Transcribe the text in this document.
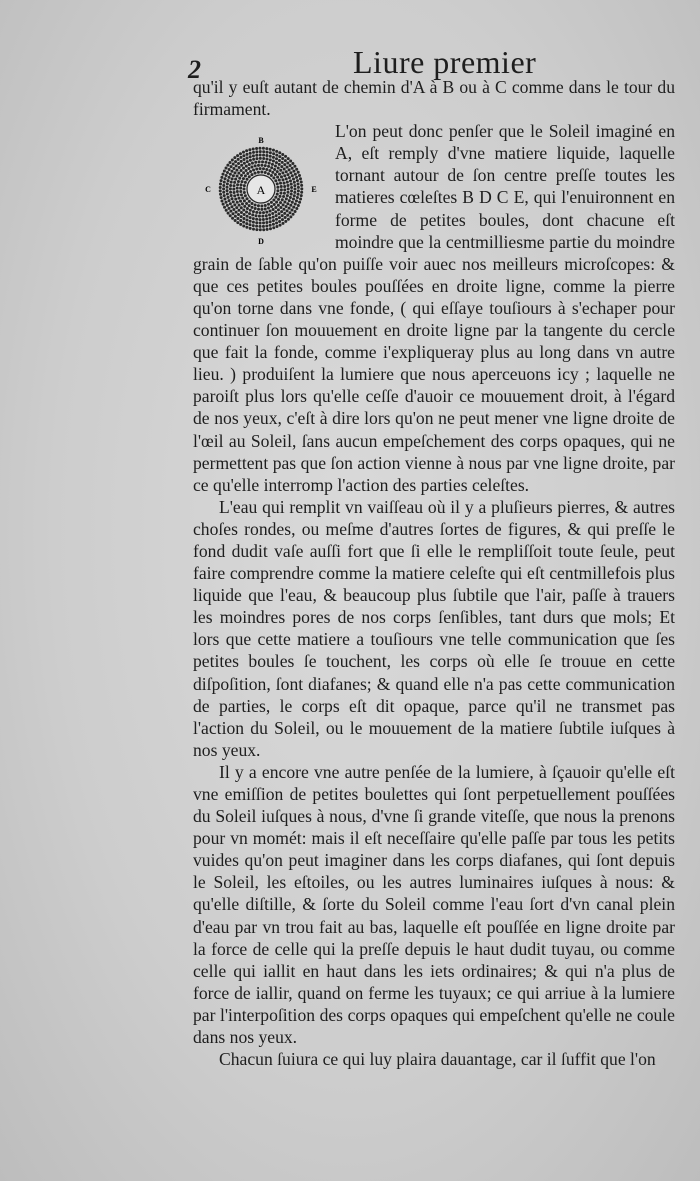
2	Liure premier
A
B
E
C
D

qu'il y euſt autant de chemin d'A à B ou à C comme dans le tour du firmament.

L'on peut donc penſer que le Soleil imaginé en A, eſt remply d'vne matiere liquide, laquelle tornant autour de ſon centre preſſe toutes les matieres cœleſtes B D C E, qui l'enuironnent en forme de petites boules, dont chacune eſt moindre que la centmilliesme partie du moindre grain de ſable qu'on puiſſe voir auec nos meilleurs microſcopes: & que ces petites boules pouſſées en droite ligne, comme la pierre qu'on torne dans vne fonde, ( qui eſſaye touſiours à s'echaper pour continuer ſon mouuement en droite ligne par la tangente du cercle que fait la fonde, comme i'expliqueray plus au long dans vn autre lieu. ) produiſent la lumiere que nous aperceuons icy ; laquelle ne paroiſt plus lors qu'elle ceſſe d'auoir ce mouuement droit, à l'égard de nos yeux, c'eſt à dire lors qu'on ne peut mener vne ligne droite de l'œil au Soleil, ſans aucun empeſchement des corps opaques, qui ne permettent pas que ſon action vienne à nous par vne ligne droite, par ce qu'elle interromp l'action des parties celeſtes.

L'eau qui remplit vn vaiſſeau où il y a pluſieurs pierres, & autres choſes rondes, ou meſme d'autres ſortes de figures, & qui preſſe le fond dudit vaſe auſſi fort que ſi elle le rempliſſoit toute ſeule, peut faire comprendre comme la matiere celeſte qui eſt centmillefois plus liquide que l'eau, & beaucoup plus ſubtile que l'air, paſſe à trauers les moindres pores de nos corps ſenſibles, tant durs que mols; Et lors que cette matiere a touſiours vne telle communication que ſes petites boules ſe touchent, les corps où elle ſe trouue en cette diſpoſition, ſont diafanes; & quand elle n'a pas cette communication de parties, le corps eſt dit opaque, parce qu'il ne transmet pas l'action du Soleil, ou le mouuement de la matiere ſubtile iuſques à nos yeux.

Il y a encore vne autre penſée de la lumiere, à ſçauoir qu'elle eſt vne emiſſion de petites boulettes qui ſont perpetuellement pouſſées du Soleil iuſques à nous, d'vne ſi grande viteſſe, que nous la prenons pour vn momét: mais il eſt neceſſaire qu'elle paſſe par tous les petits vuides qu'on peut imaginer dans les corps diafanes, qui ſont depuis le Soleil, les eſtoiles, ou les autres luminaires iuſques à nous: & qu'elle diſtille, & ſorte du Soleil comme l'eau ſort d'vn canal plein d'eau par vn trou fait au bas, laquelle eſt pouſſée en ligne droite par la force de celle qui la preſſe depuis le haut dudit tuyau, ou comme celle qui iallit en haut dans les iets ordinaires; & qui n'a plus de force de iallir, quand on ferme les tuyaux; ce qui arriue à la lumiere par l'interpoſition des corps opaques qui empeſchent qu'elle ne coule dans nos yeux.

Chacun ſuiura ce qui luy plaira dauantage, car il ſuffit que l'on
